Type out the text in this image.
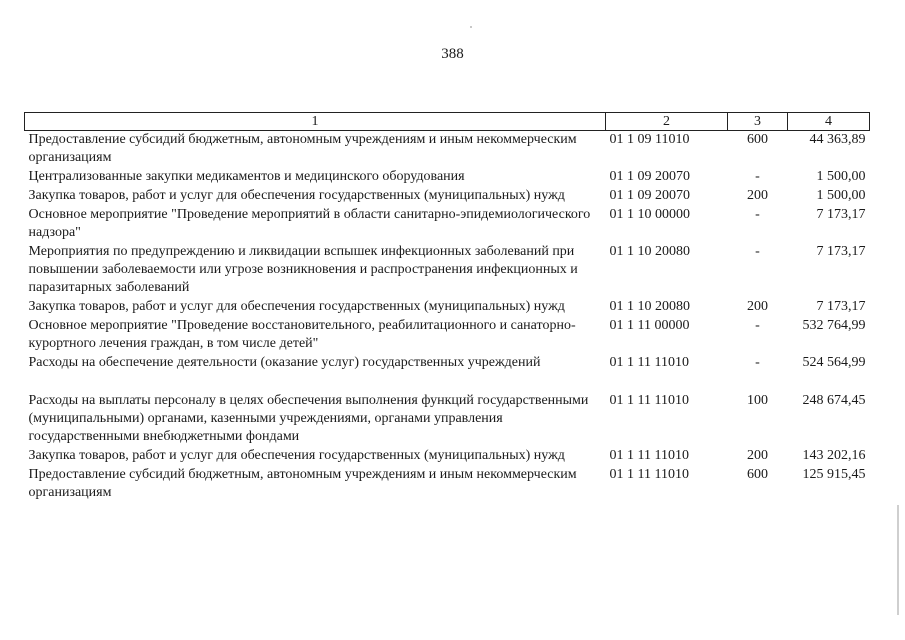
388
1	2	3	4
Предоставление субсидий бюджетным, автономным учреждениям и иным некоммерческим организациям	01 1 09 11010	600	44 363,89
Централизованные закупки медикаментов и медицинского оборудования	01 1 09 20070	-	1 500,00
Закупка товаров, работ и услуг для обеспечения государственных (муниципальных) нужд	01 1 09 20070	200	1 500,00
Основное мероприятие "Проведение мероприятий в области санитарно-эпидемиологического надзора"	01 1 10 00000	-	7 173,17
Мероприятия по предупреждению и ликвидации вспышек инфекционных заболеваний при повышении заболеваемости или угрозе возникновения и распространения инфекционных и паразитарных заболеваний	01 1 10 20080	-	7 173,17
Закупка товаров, работ и услуг для обеспечения государственных (муниципальных) нужд	01 1 10 20080	200	7 173,17
Основное мероприятие "Проведение восстановительного, реабилитационного и санаторно-курортного лечения граждан, в том числе детей"	01 1 11 00000	-	532 764,99
Расходы на обеспечение деятельности (оказание услуг) государственных учреждений	01 1 11 11010	-	524 564,99
Расходы на выплаты персоналу в целях обеспечения выполнения функций государственными (муниципальными) органами, казенными учреждениями, органами управления государственными внебюджетными фондами	01 1 11 11010	100	248 674,45
Закупка товаров, работ и услуг для обеспечения государственных (муниципальных) нужд	01 1 11 11010	200	143 202,16
Предоставление субсидий бюджетным, автономным учреждениям и иным некоммерческим организациям	01 1 11 11010	600	125 915,45
